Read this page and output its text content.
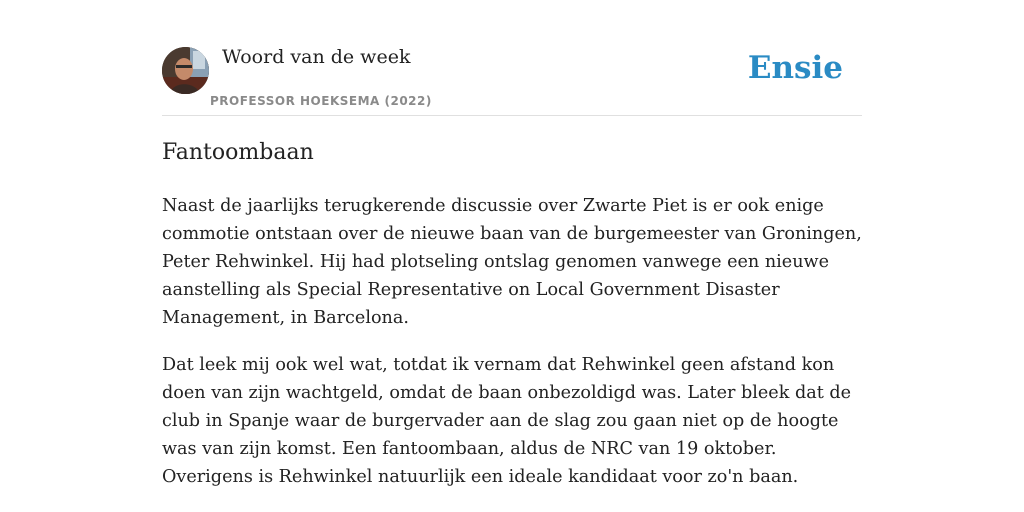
Woord van de week
PROFESSOR HOEKSEMA (2022)
Ensie
Fantoombaan

Naast de jaarlijks terugkerende discussie over Zwarte Piet is er ook enige commotie ontstaan over de nieuwe baan van de burgemeester van Groningen, Peter Rehwinkel. Hij had plotseling ontslag genomen vanwege een nieuwe aanstelling als Special Representative on Local Government Disaster Management, in Barcelona.

Dat leek mij ook wel wat, totdat ik vernam dat Rehwinkel geen afstand kon doen van zijn wachtgeld, omdat de baan onbezoldigd was. Later bleek dat de club in Spanje waar de burgervader aan de slag zou gaan niet op de hoogte was van zijn komst. Een fantoombaan, aldus de NRC van 19 oktober. Overigens is Rehwinkel natuurlijk een ideale kandidaat voor zo'n baan.
